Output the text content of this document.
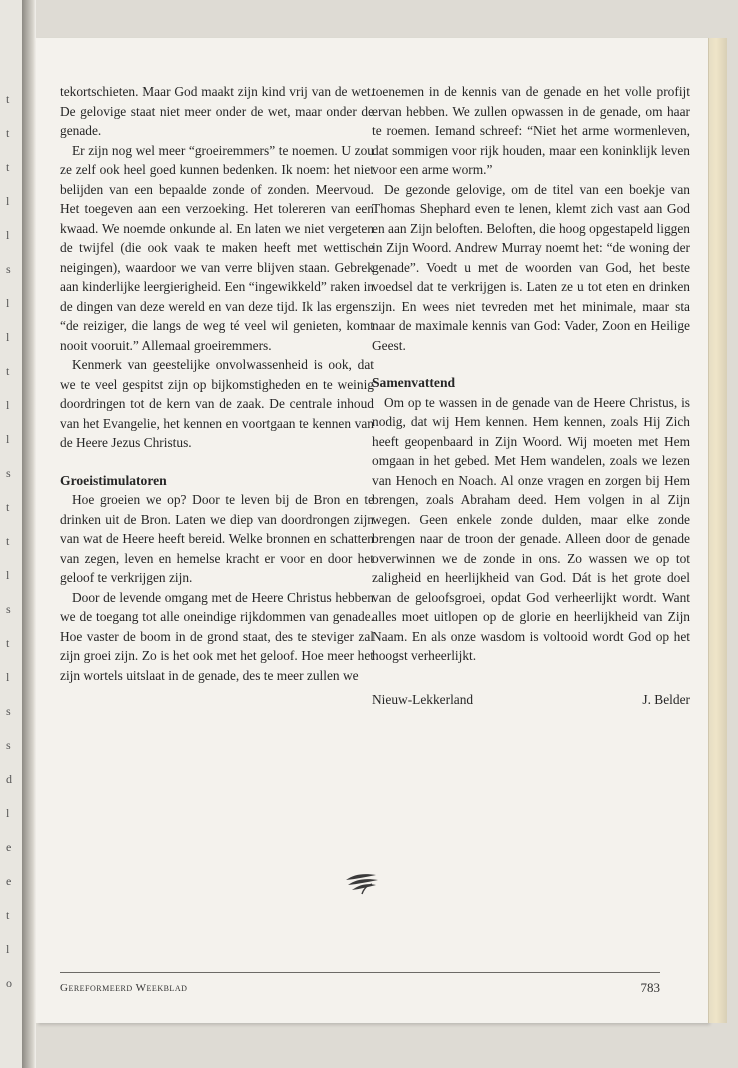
t
t
t
l
l
s
l
l
t
l
l
s
t
t
l
s
t
l
s
s
d
l
e
e
t
l
o

tekortschieten. Maar God maakt zijn kind vrij van de wet. De gelovige staat niet meer onder de wet, maar onder de genade.

Er zijn nog wel meer “groeiremmers” te noemen. U zou ze zelf ook heel goed kunnen bedenken. Ik noem: het niet belijden van een bepaalde zonde of zonden. Meervoud. Het toegeven aan een verzoeking. Het tolereren van een kwaad. We noemde onkunde al. En laten we niet vergeten de twijfel (die ook vaak te maken heeft met wettische neigingen), waardoor we van verre blijven staan. Gebrek aan kinderlijke leergierigheid. Een “ingewikkeld” raken in de dingen van deze wereld en van deze tijd. Ik las ergens: “de reiziger, die langs de weg té veel wil genieten, komt nooit vooruit.” Allemaal groeiremmers.

Kenmerk van geestelijke onvolwassenheid is ook, dat we te veel gespitst zijn op bijkomstigheden en te weinig doordringen tot de kern van de zaak. De centrale inhoud van het Evangelie, het kennen en voortgaan te kennen van de Heere Jezus Christus.

Groeistimulatoren

Hoe groeien we op? Door te leven bij de Bron en te drinken uit de Bron. Laten we diep van doordrongen zijn van wat de Heere heeft bereid. Welke bronnen en schatten van zegen, leven en hemelse kracht er voor en door het geloof te verkrijgen zijn.

Door de levende omgang met de Heere Christus hebben we de toegang tot alle oneindige rijkdommen van genade. Hoe vaster de boom in de grond staat, des te steviger zal zijn groei zijn. Zo is het ook met het geloof. Hoe meer het zijn wortels uitslaat in de genade, des te meer zullen we

toenemen in de kennis van de genade en het volle profijt ervan hebben. We zullen opwassen in de genade, om haar te roemen. Iemand schreef: “Niet het arme wormenleven, dat sommigen voor rijk houden, maar een koninklijk leven voor een arme worm.”

De gezonde gelovige, om de titel van een boekje van Thomas Shephard even te lenen, klemt zich vast aan God en aan Zijn beloften. Beloften, die hoog opgestapeld liggen in Zijn Woord. Andrew Murray noemt het: “de woning der genade”. Voedt u met de woorden van God, het beste voedsel dat te verkrijgen is. Laten ze u tot eten en drinken zijn. En wees niet tevreden met het minimale, maar sta naar de maximale kennis van God: Vader, Zoon en Heilige Geest.

Samenvattend

Om op te wassen in de genade van de Heere Christus, is nodig, dat wij Hem kennen. Hem kennen, zoals Hij Zich heeft geopenbaard in Zijn Woord. Wij moeten met Hem omgaan in het gebed. Met Hem wandelen, zoals we lezen van Henoch en Noach. Al onze vragen en zorgen bij Hem brengen, zoals Abraham deed. Hem volgen in al Zijn wegen. Geen enkele zonde dulden, maar elke zonde brengen naar de troon der genade. Alleen door de genade overwinnen we de zonde in ons. Zo wassen we op tot zaligheid en heerlijkheid van God. Dát is het grote doel van de geloofsgroei, opdat God verheerlijkt wordt. Want alles moet uitlopen op de glorie en heerlijkheid van Zijn Naam. En als onze wasdom is voltooid wordt God op het hoogst verheerlijkt.

Nieuw-Lekkerland	J. Belder
Gereformeerd Weekblad	783
